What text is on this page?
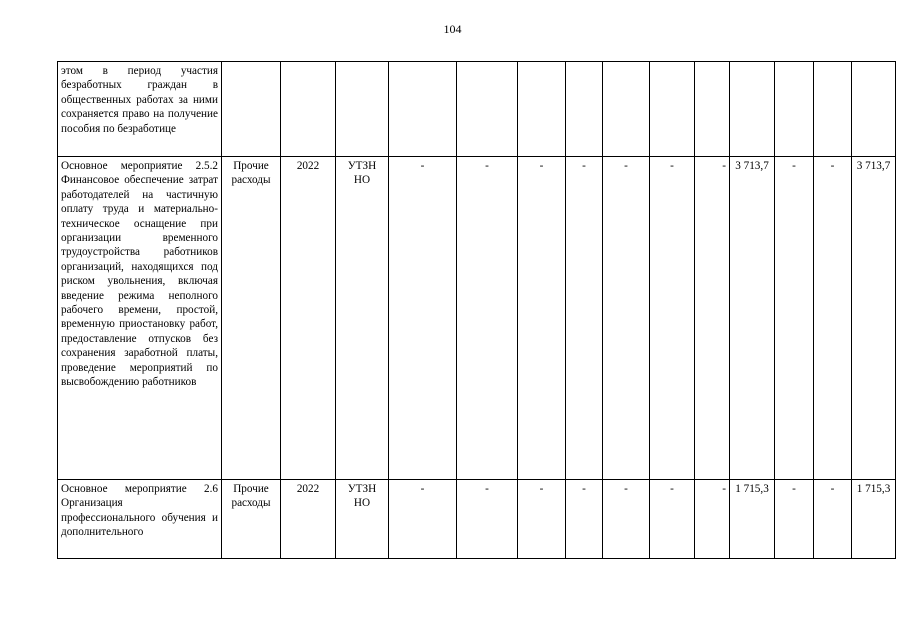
104
этом в период участия безработных граждан в общественных работах за ними сохраняется право на получение пособия по безработице														
Основное мероприятие 2.5.2 Финансовое обеспечение затрат работодателей на частичную оплату труда и материально-техническое оснащение при организации временного трудоустройства работников организаций, находящихся под риском увольнения, включая введение режима неполного рабочего времени, простой, временную приостановку работ, предоставление отпусков без сохранения заработной платы, проведение мероприятий по высвобождению работников	Прочие расходы	2022	УТЗН НО	-	-	-	-	-	-	-	3 713,7	-	-	3 713,7
Основное мероприятие 2.6 Организация профессионального обучения и дополнительного	Прочие расходы	2022	УТЗН НО	-	-	-	-	-	-	-	1 715,3	-	-	1 715,3
